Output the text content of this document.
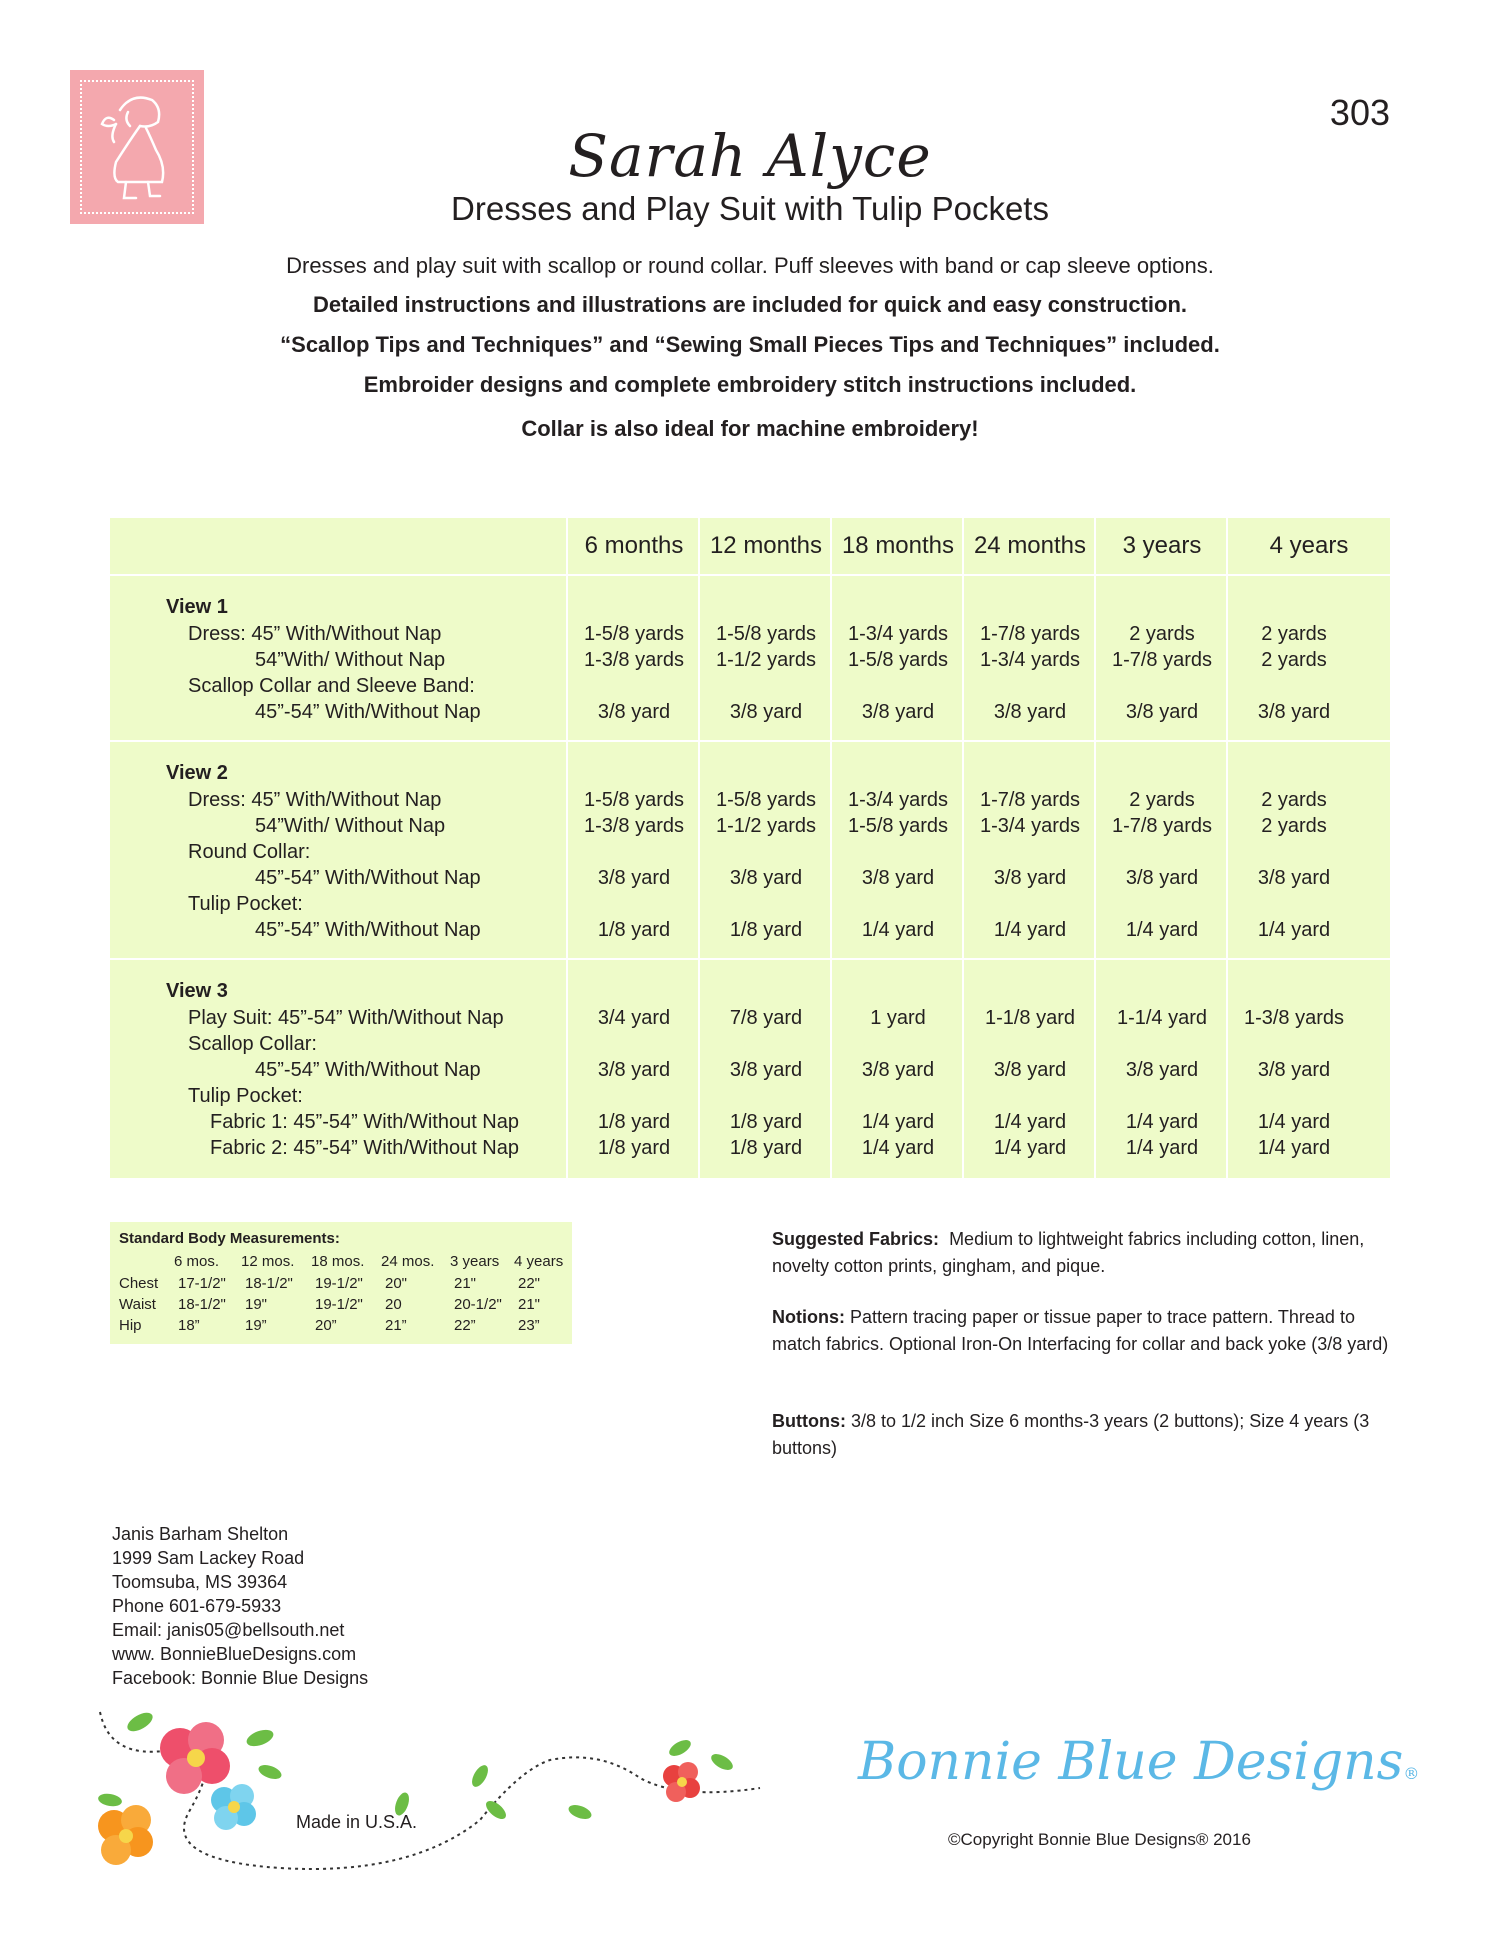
303
Sarah Alyce
Dresses and Play Suit with Tulip Pockets
Dresses and play suit with scallop or round collar. Puff sleeves with band or cap sleeve options.
Detailed instructions and illustrations are included for quick and easy construction.
“Scallop Tips and Techniques” and “Sewing Small Pieces Tips and Techniques” included.
Embroider designs and complete embroidery stitch instructions included.
Collar is also ideal for machine embroidery!
6 months	12 months 18 months 24 months	3 years	4 years
View 1
Dress: 45” With/Without Nap	1-5/8 yards	1-5/8 yards	1-3/4 yards	1-7/8 yards	2 yards	2 yards
54”With/ Without Nap	1-3/8 yards	1-1/2 yards	1-5/8 yards	1-3/4 yards	1-7/8 yards	2 yards
Scallop Collar and Sleeve Band:
45”-54” With/Without Nap	3/8 yard	3/8 yard	3/8 yard	3/8 yard	3/8 yard	3/8 yard
View 2
Dress: 45” With/Without Nap	1-5/8 yards	1-5/8 yards	1-3/4 yards	1-7/8 yards	2 yards	2 yards
54”With/ Without Nap	1-3/8 yards	1-1/2 yards	1-5/8 yards	1-3/4 yards	1-7/8 yards	2 yards
Round Collar:
45”-54” With/Without Nap	3/8 yard	3/8 yard	3/8 yard	3/8 yard	3/8 yard	3/8 yard
Tulip Pocket:
45”-54” With/Without Nap	1/8 yard	1/8 yard	1/4 yard	1/4 yard	1/4 yard	1/4 yard
View 3
Play Suit: 45”-54” With/Without Nap	3/4 yard	7/8 yard	1 yard	1-1/8 yard	1-1/4 yard	1-3/8 yards
Scallop Collar:
45”-54” With/Without Nap	3/8 yard	3/8 yard	3/8 yard	3/8 yard	3/8 yard	3/8 yard
Tulip Pocket:
Fabric 1: 45”-54” With/Without Nap	1/8 yard	1/8 yard	1/4 yard	1/4 yard	1/4 yard	1/4 yard
Fabric 2: 45”-54” With/Without Nap	1/8 yard	1/8 yard	1/4 yard	1/4 yard	1/4 yard	1/4 yard
Standard Body Measurements:
6 mos. 12 mos. 18 mos. 24 mos. 3 years 4 years
Chest 17-1/2" 18-1/2" 19-1/2" 20"	21"	22"
Waist 18-1/2" 19"	19-1/2" 20	20-1/2" 21"
Hip 18”	19”	20”	21”	22”	23”
Suggested Fabrics: Medium to lightweight fabrics including cotton, linen, novelty cotton prints, gingham, and pique.
Notions: Pattern tracing paper or tissue paper to trace pattern. Thread to match fabrics. Optional Iron-On Interfacing for collar and back yoke (3/8 yard)
Buttons: 3/8 to 1/2 inch Size 6 months-3 years (2 buttons); Size 4 years (3 buttons)
Janis Barham Shelton
1999 Sam Lackey Road
Toomsuba, MS 39364
Phone 601-679-5933
Email: janis05@bellsouth.net
www. BonnieBlueDesigns.com
Facebook: Bonnie Blue Designs
Made in U.S.A.
Bonnie Blue Designs®
©Copyright Bonnie Blue Designs® 2016
